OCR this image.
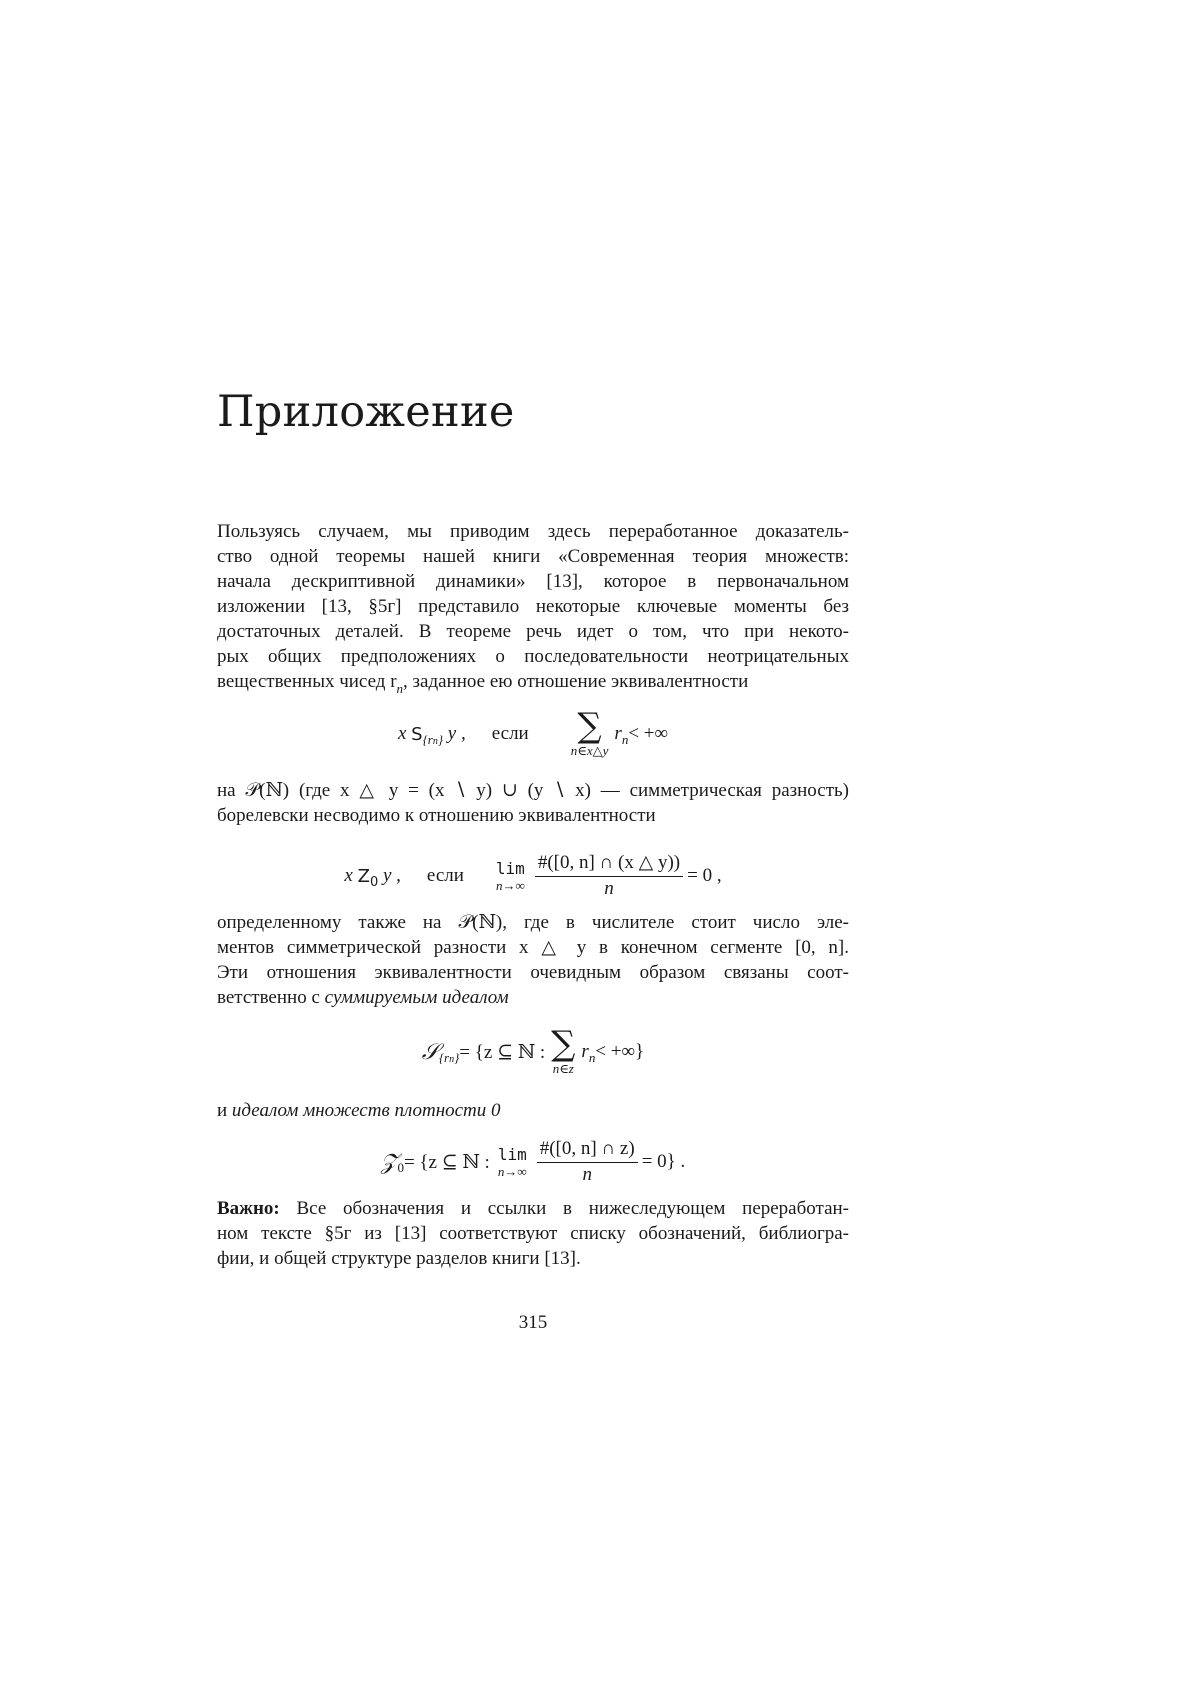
Приложение

Пользуясь случаем, мы приводим здесь переработанное доказатель-
ство одной теоремы нашей книги «Современная теория множеств:
начала дескриптивной динамики» [13], которое в первоначальном
изложении [13, §5г] представило некоторые ключевые моменты без
достаточных деталей. В теореме речь идет о том, что при некото-
рых общих предположениях о последовательности неотрицательных
вещественных чисед $r_n$, заданное ею отношение эквивалентности

x
S {rn}
y , если ∑
n∈x△y
r n < +∞

на 𝒫(ℕ) (где x △ y = (x ∖ y) ∪ (y ∖ x) — симметрическая разность)
борелевски несводимо к отношению эквивалентности

x
Z 0
y , если lim
$n\to\infty \frac{\#([0, n] \cap (x \triangle y))}{n} = 0$ ,

определенному также на 𝒫(ℕ), где в числителе стоит число эле-
ментов симметрической разности x △ y в конечном сегменте [0, n].
Эти отношения эквивалентности очевидным образом связаны соот-
ветственно с суммируемым идеалом

𝒮 {rn} = {z ⊆ ℕ : ∑
n∈z
r n < +∞}

и идеалом множеств плотности 0

𝒵 0 = {z ⊆ ℕ : lim
$n\to\infty \frac{\#([0, n] \cap z)}{n} = 0$} .

Важно: Все обозначения и ссылки в нижеследующем переработан-
ном тексте §5г из [13] соответствуют списку обозначений, библиогра-
фии, и общей структуре разделов книги [13].

315
